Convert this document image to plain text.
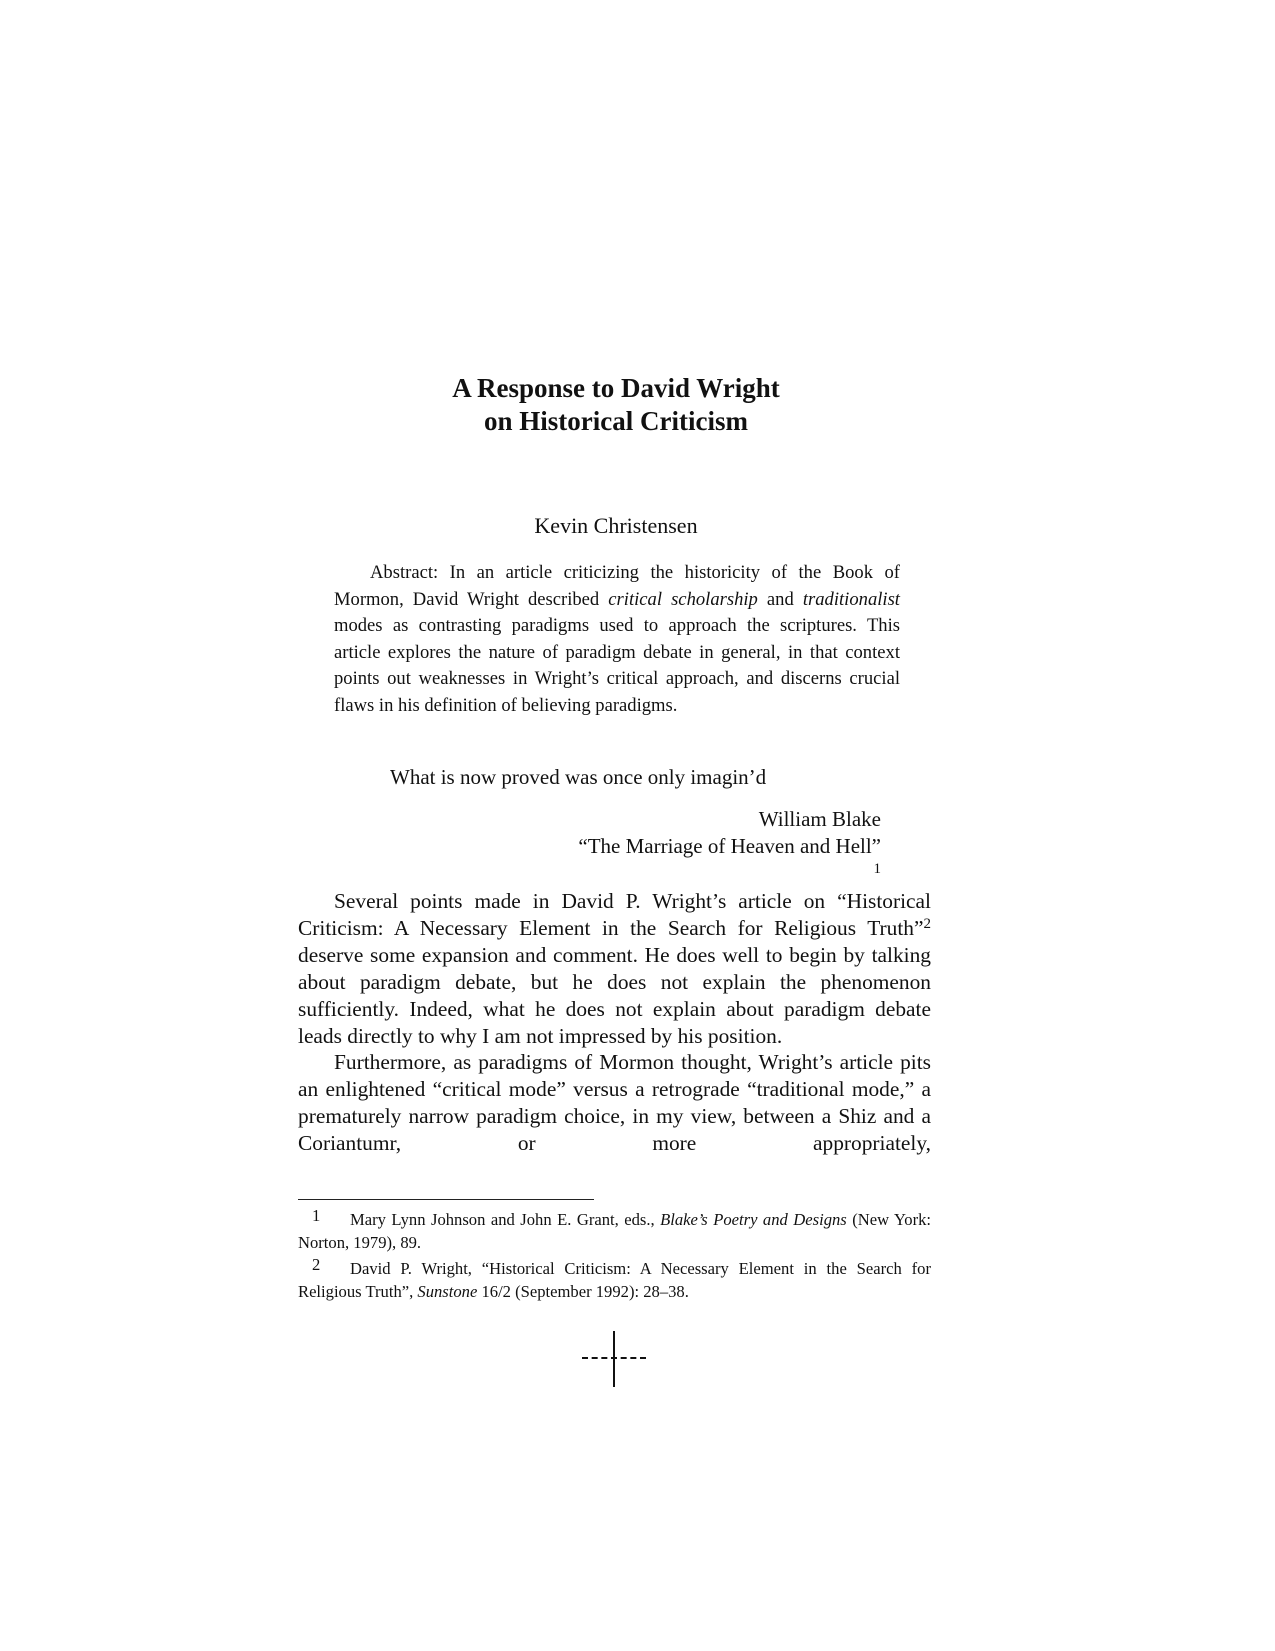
A Response to David Wright
on Historical Criticism

Kevin Christensen

Abstract: In an article criticizing the historicity of the Book of Mormon, David Wright described critical scholarship and traditionalist modes as contrasting paradigms used to approach the scriptures. This article explores the nature of paradigm debate in general, in that context points out weaknesses in Wright’s critical approach, and discerns crucial flaws in his definition of believing paradigms.

What is now proved was once only imagin’d

William Blake
“The Marriage of Heaven and Hell”
$^1$

Several points made in David P. Wright’s article on “Historical Criticism: A Necessary Element in the Search for Religious Truth”$^2$ deserve some expansion and comment. He does well to begin by talking about paradigm debate, but he does not explain the phenomenon sufficiently. Indeed, what he does not explain about paradigm debate leads directly to why I am not impressed by his position.

Furthermore, as paradigms of Mormon thought, Wright’s article pits an enlightened “critical mode” versus a retrograde “traditional mode,” a prematurely narrow paradigm choice, in my view, between a Shiz and a Coriantumr, or more appropriately,

1 Mary Lynn Johnson and John E. Grant, eds., Blake’s Poetry and Designs (New York: Norton, 1979), 89.

2 David P. Wright, “Historical Criticism: A Necessary Element in the Search for Religious Truth”, Sunstone 16/2 (September 1992): 28–38.
